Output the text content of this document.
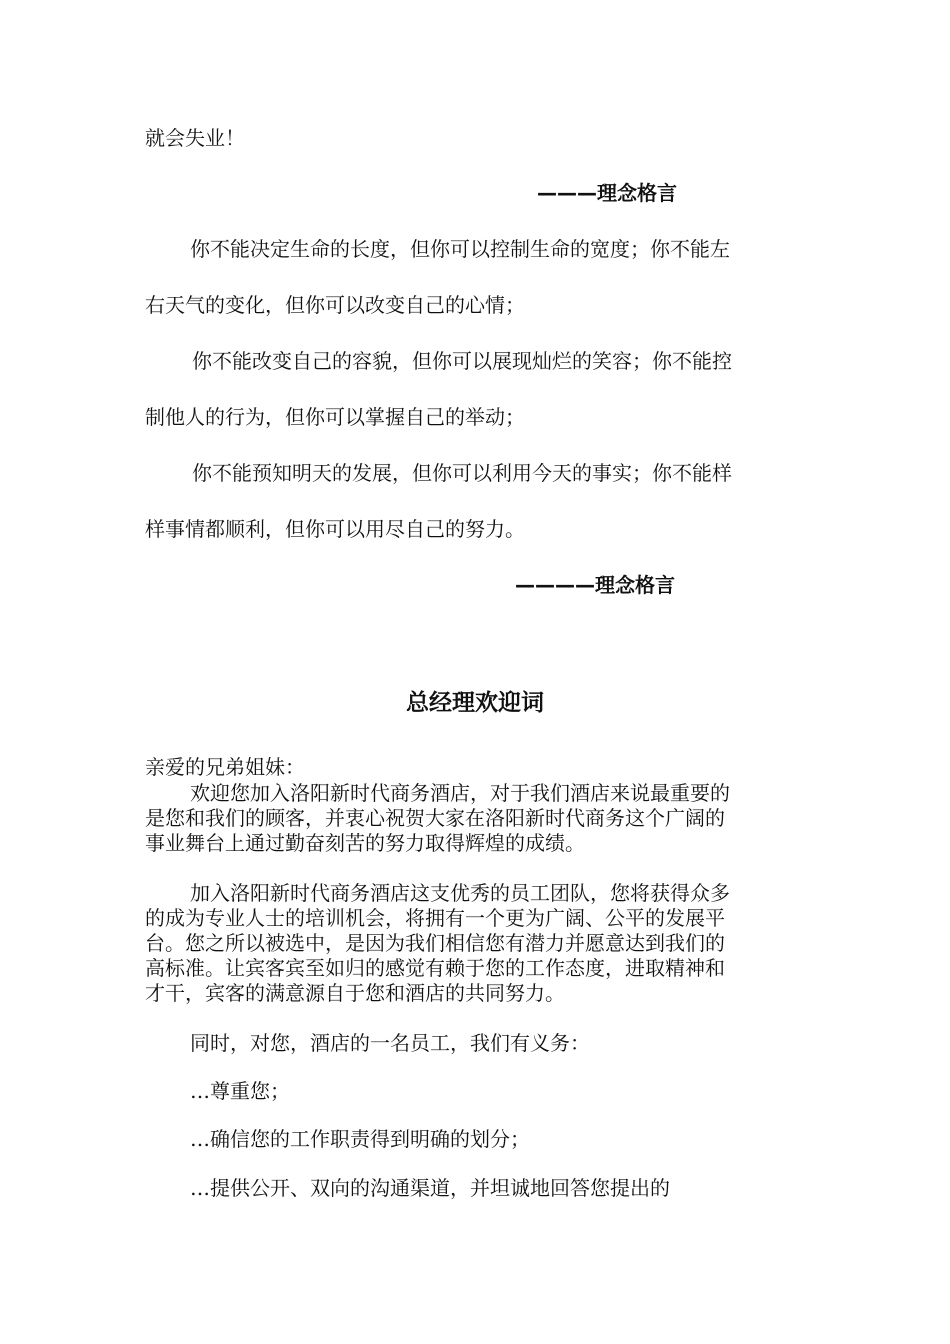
就会失业！

———理念格言

你不能决定生命的长度，但你可以控制生命的宽度；你不能左

右天气的变化，但你可以改变自己的心情；

你不能改变自己的容貌，但你可以展现灿烂的笑容；你不能控

制他人的行为，但你可以掌握自己的举动；

你不能预知明天的发展，但你可以利用今天的事实；你不能样

样事情都顺利，但你可以用尽自己的努力。

————理念格言

总经理欢迎词

亲爱的兄弟姐妹：

欢迎您加入洛阳新时代商务酒店，对于我们酒店来说最重要的

是您和我们的顾客，并衷心祝贺大家在洛阳新时代商务这个广阔的

事业舞台上通过勤奋刻苦的努力取得辉煌的成绩。

加入洛阳新时代商务酒店这支优秀的员工团队，您将获得众多

的成为专业人士的培训机会，将拥有一个更为广阔、公平的发展平

台。您之所以被选中，是因为我们相信您有潜力并愿意达到我们的

高标准。让宾客宾至如归的感觉有赖于您的工作态度，进取精神和

才干，宾客的满意源自于您和酒店的共同努力。

同时，对您，酒店的一名员工，我们有义务：

…尊重您；

…确信您的工作职责得到明确的划分；

…提供公开、双向的沟通渠道，并坦诚地回答您提出的
